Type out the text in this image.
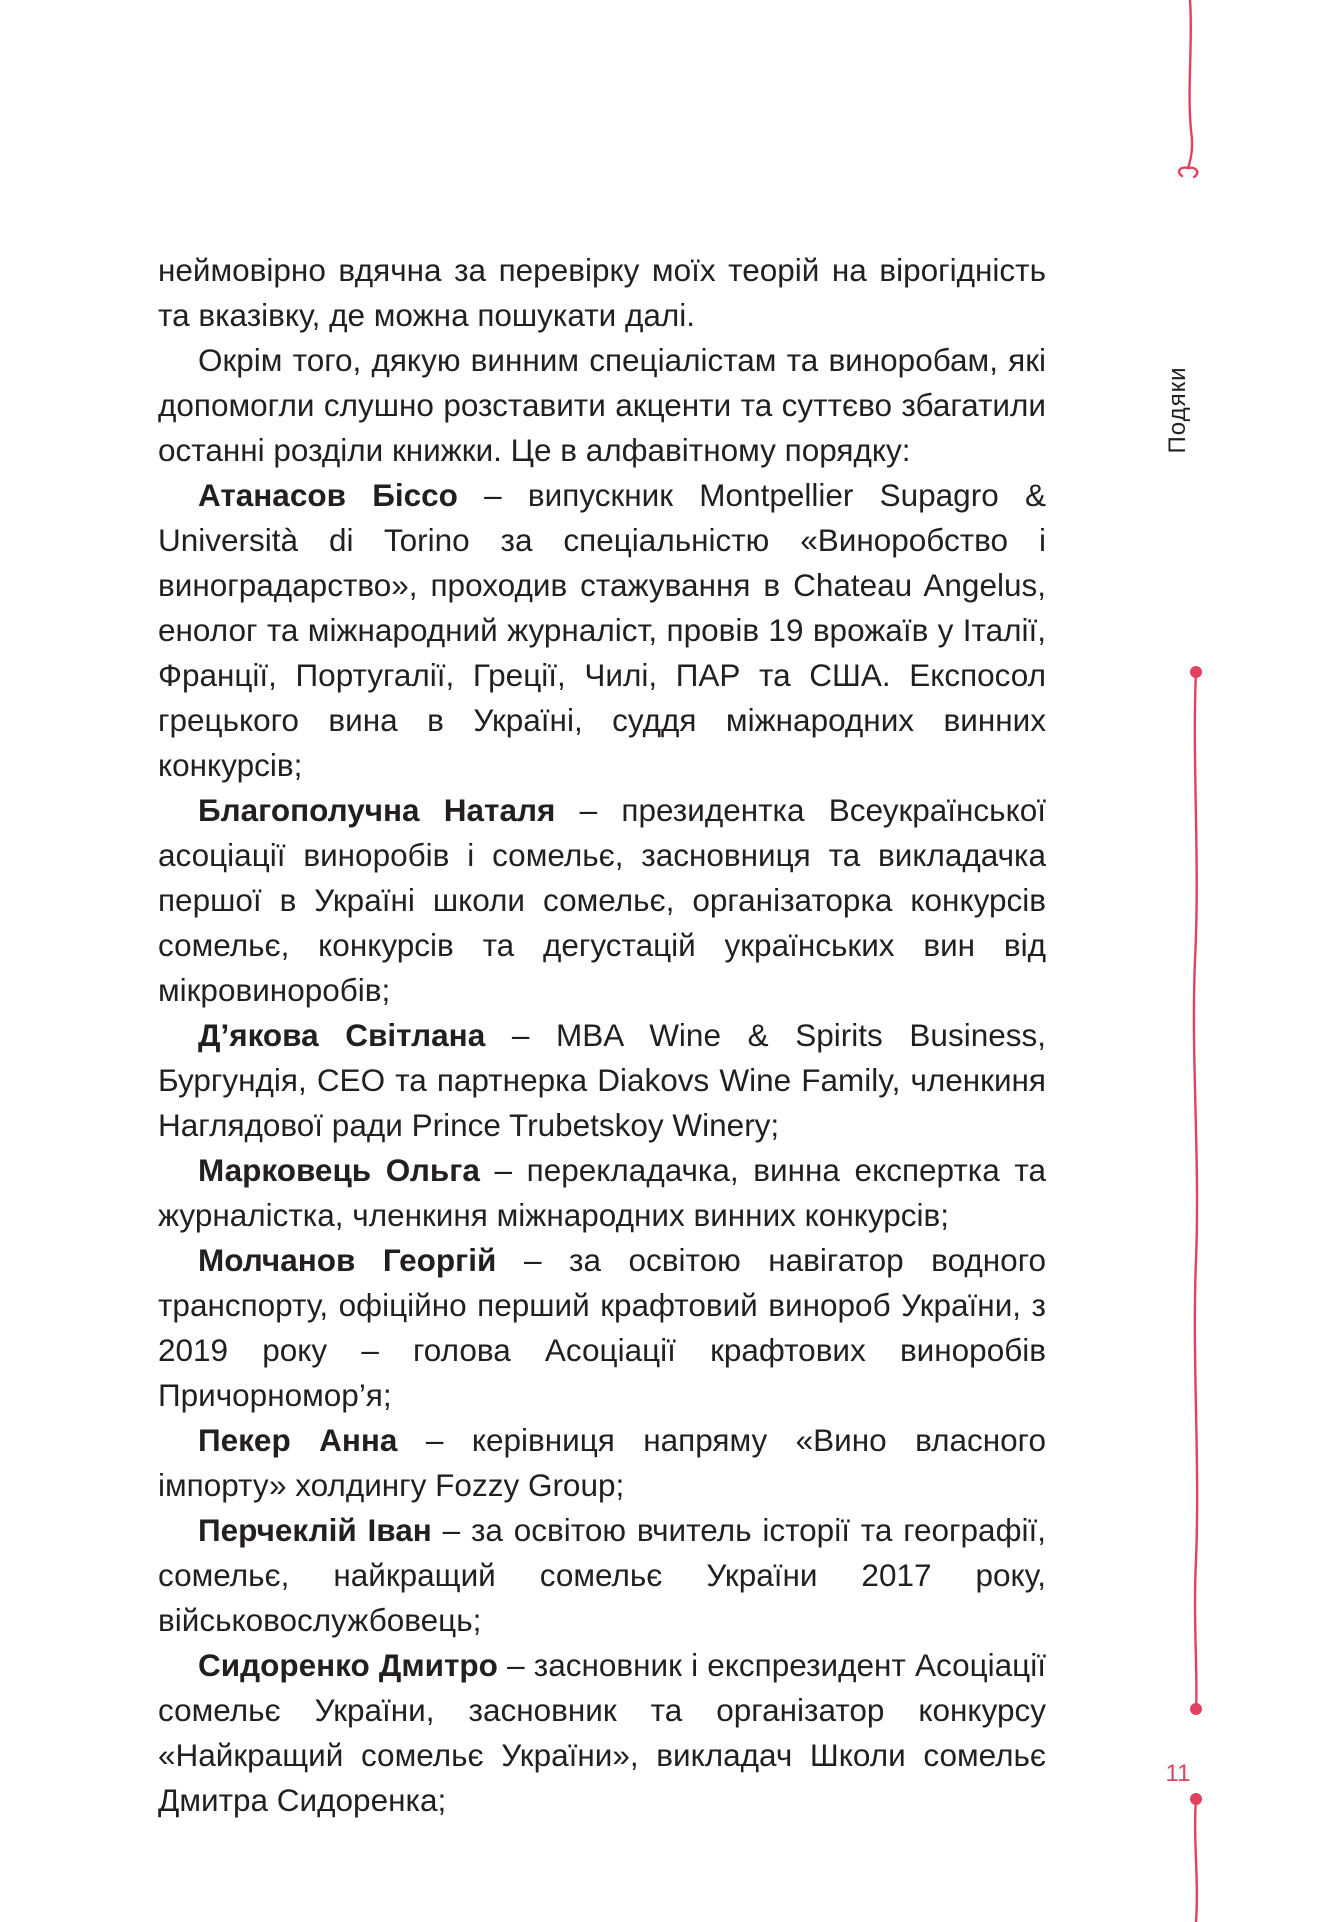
Подяки
11

неймовірно вдячна за перевірку моїх теорій на вірогідність та вказівку, де можна пошукати далі.

Окрім того, дякую винним спеціалістам та виноробам, які допомогли слушно розставити акценти та суттєво збагатили останні розділи книжки. Це в алфавітному порядку:

Атанасов Біссо – випускник Montpellier Supagro & Università di Torino за спеціальністю «Виноробство і виноградарство», проходив стажування в Chateau Angelus, енолог та міжнародний журналіст, провів 19 врожаїв у Італії, Франції, Португалії, Греції, Чилі, ПАР та США. Експосол грецького вина в Україні, суддя міжнародних винних конкурсів;

Благополучна Наталя – президентка Всеукраїнської асоціації виноробів і сомельє, засновниця та викладачка першої в Україні школи сомельє, організаторка конкурсів сомельє, конкурсів та дегустацій українських вин від мікровиноробів;

Д’якова Світлана – MBA Wine & Spirits Business, Бургундія, CEO та партнерка Diakovs Wine Family, членкиня Наглядової ради Prince Trubetskoy Winery;

Марковець Ольга – перекладачка, винна експертка та журналістка, членкиня міжнародних винних конкурсів;

Молчанов Георгій – за освітою навігатор водного транспорту, офіційно перший крафтовий винороб України, з 2019 року – голова Асоціації крафтових виноробів Причорномор’я;

Пекер Анна – керівниця напряму «Вино власного імпорту» холдингу Fozzy Group;

Перчеклій Іван – за освітою вчитель історії та географії, сомельє, найкращий сомельє України 2017 року, військовослужбовець;

Сидоренко Дмитро – засновник і експрезидент Асоціації сомельє України, засновник та організатор конкурсу «Найкращий сомельє України», викладач Школи сомельє Дмитра Сидоренка;
